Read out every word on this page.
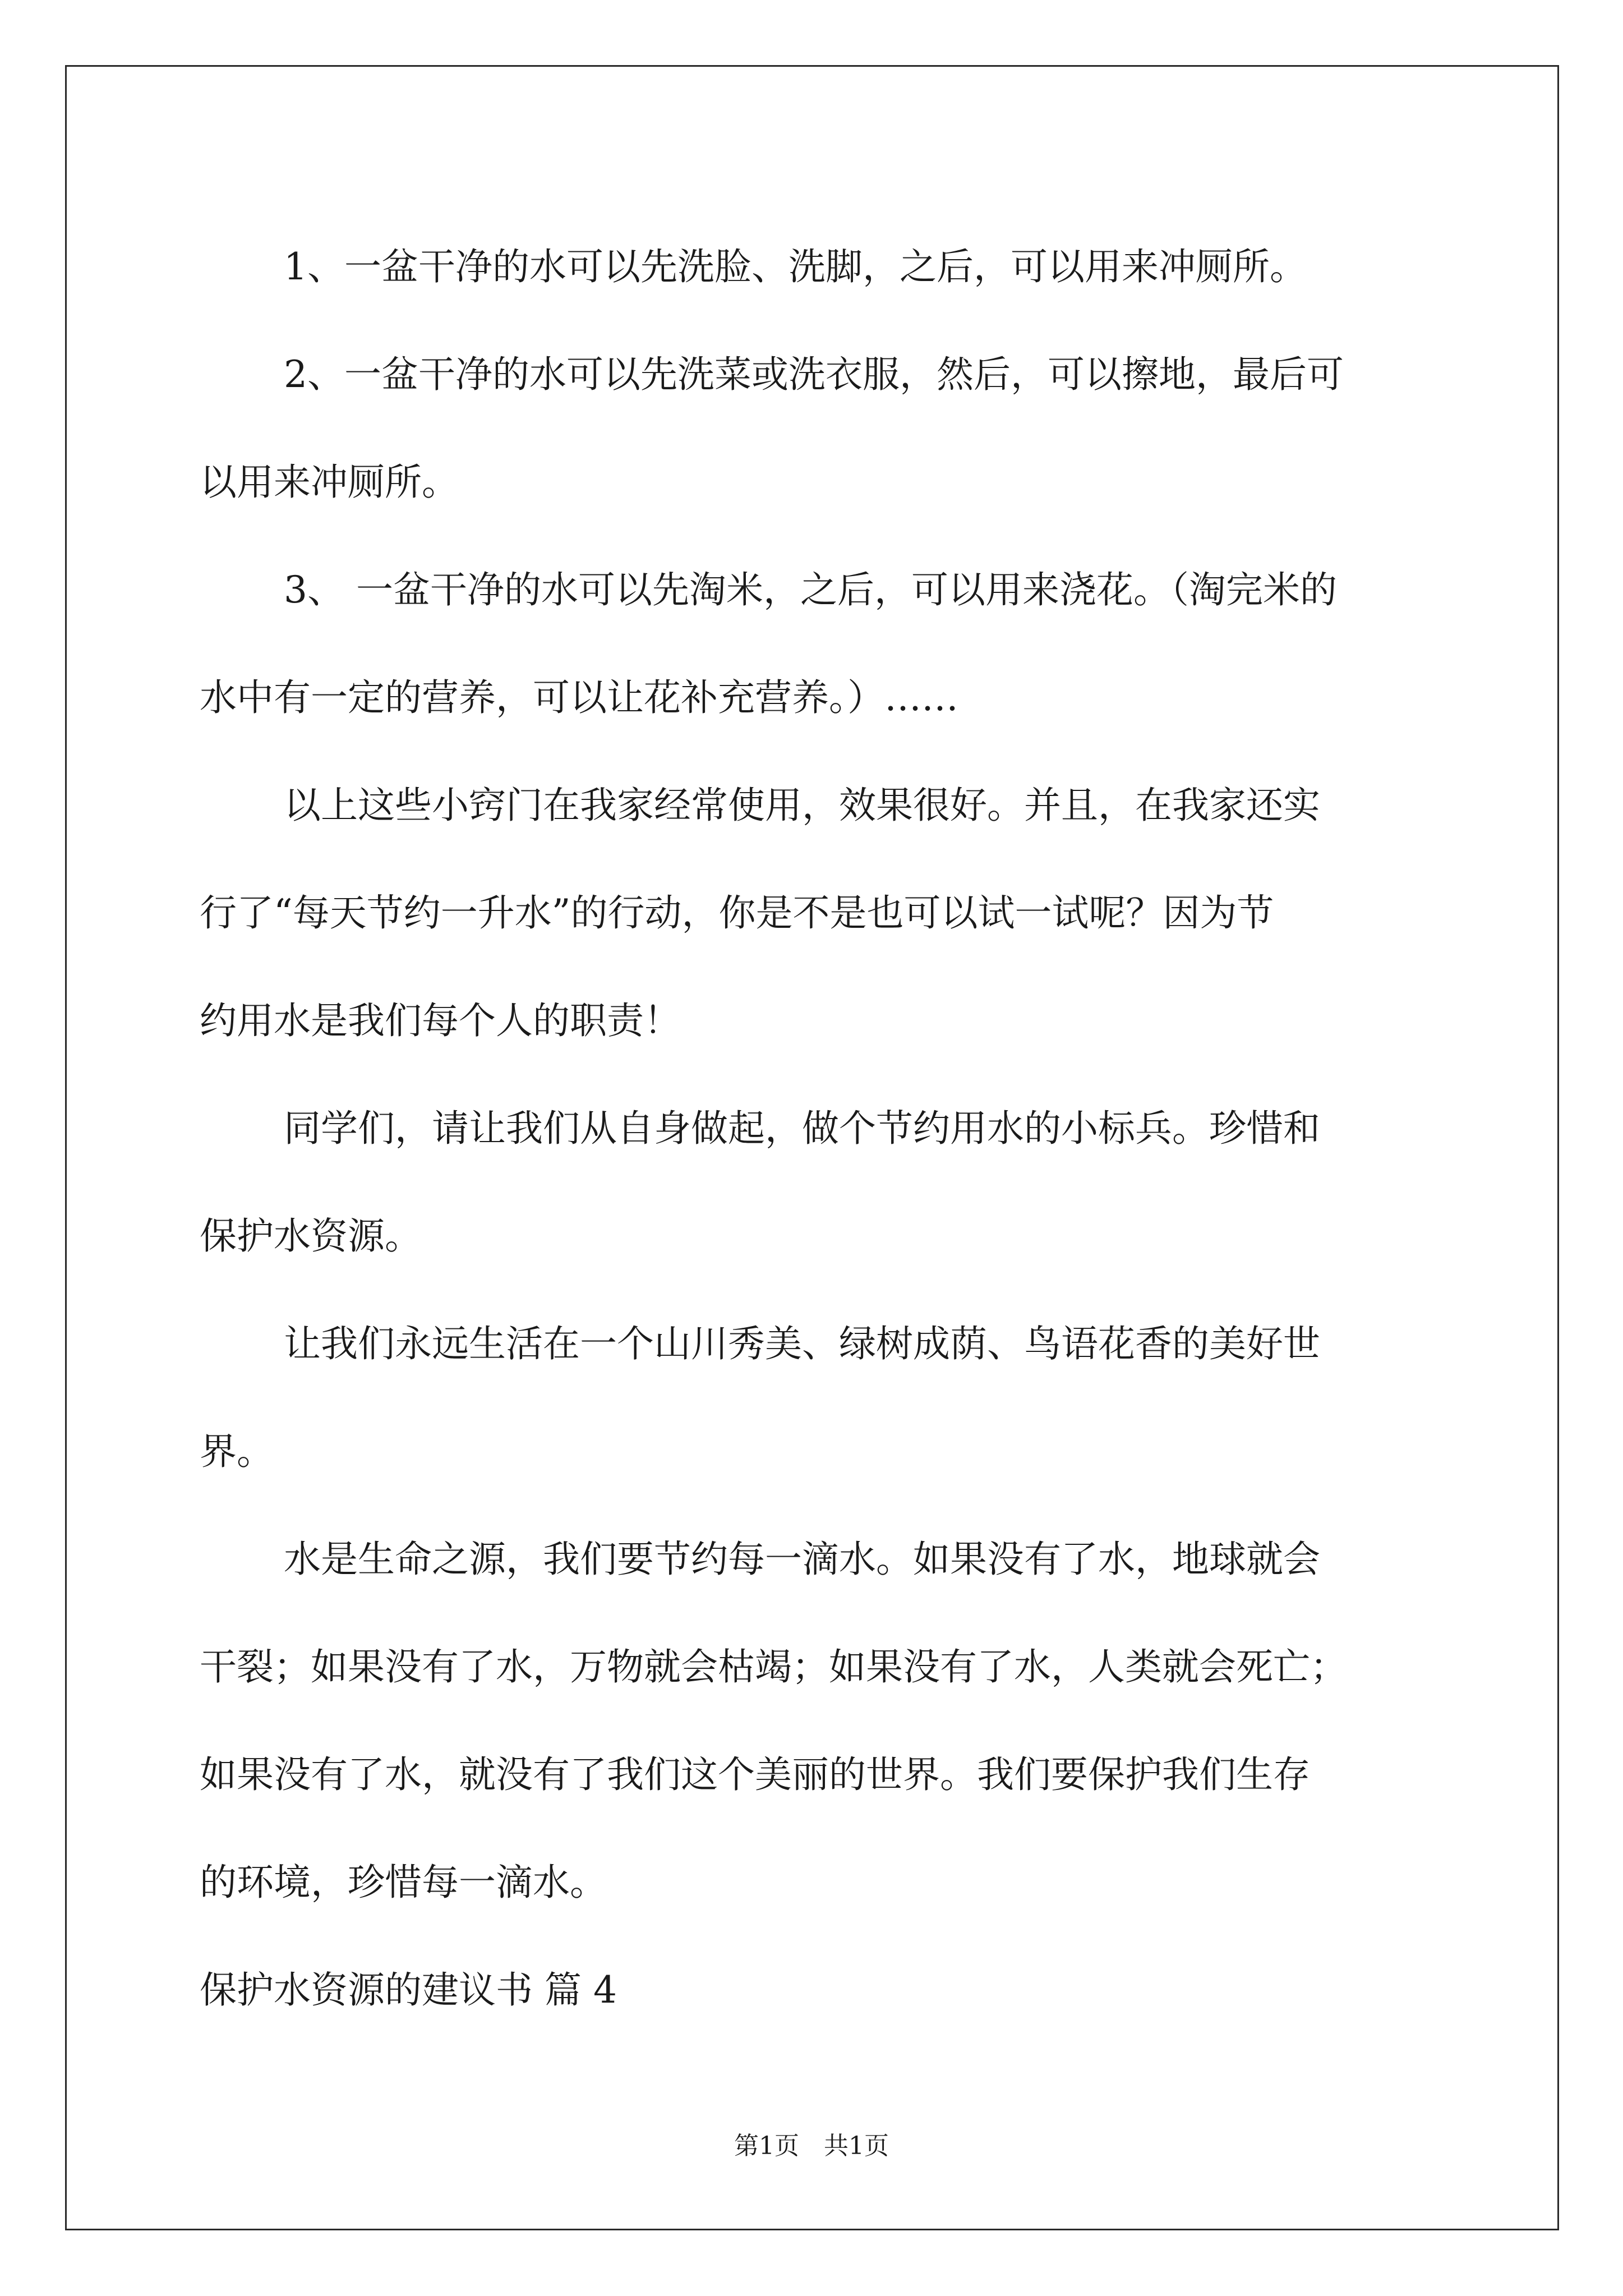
1、一盆干净的水可以先洗脸、洗脚，之后，可以用来冲厕所。

2、一盆干净的水可以先洗菜或洗衣服，然后，可以擦地，最后可

以用来冲厕所。

3、 一盆干净的水可以先淘米，之后，可以用来浇花。（淘完米的

水中有一定的营养，可以让花补充营养。）……

以上这些小窍门在我家经常使用，效果很好。并且，在我家还实

行了“每天节约一升水”的行动，你是不是也可以试一试呢？因为节

约用水是我们每个人的职责！

同学们，请让我们从自身做起，做个节约用水的小标兵。珍惜和

保护水资源。

让我们永远生活在一个山川秀美、绿树成荫、鸟语花香的美好世

界。

水是生命之源，我们要节约每一滴水。如果没有了水，地球就会

干裂；如果没有了水，万物就会枯竭；如果没有了水，人类就会死亡；

如果没有了水，就没有了我们这个美丽的世界。我们要保护我们生存

的环境，珍惜每一滴水。

保护水资源的建议书 篇 4

第1页　共1页
